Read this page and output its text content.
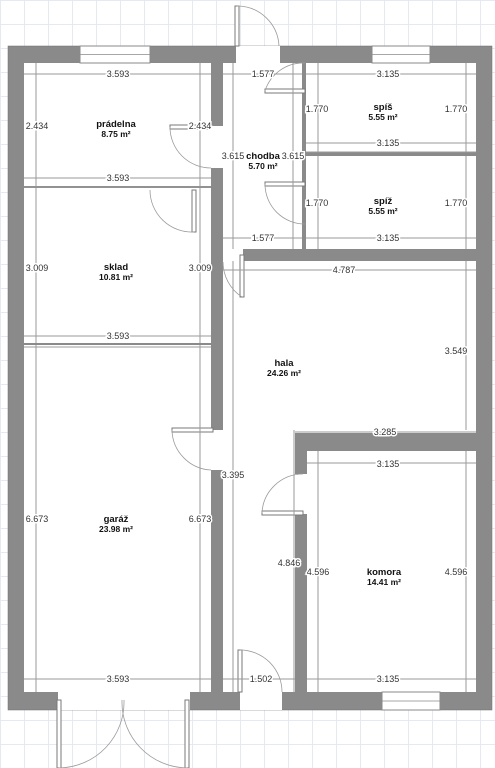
3.593	1.577	3.135
2.434	2.434
1.770	1.770
3.615	3.615
3.135
3.593
1.770	1.770
1.577	3.135
3.009	3.009	4.787
3.593
3.549
3.285
3.395
3.135
6.673	6.673
4.846
4.596	4.596
3.593	1.502	3.135
prádelna
8.75 m²
chodba
5.70 m²
spíš
5.55 m²
spíž
5.55 m²
sklad
10.81 m²
hala
24.26 m²
garáž
23.98 m²
komora
14.41 m²
